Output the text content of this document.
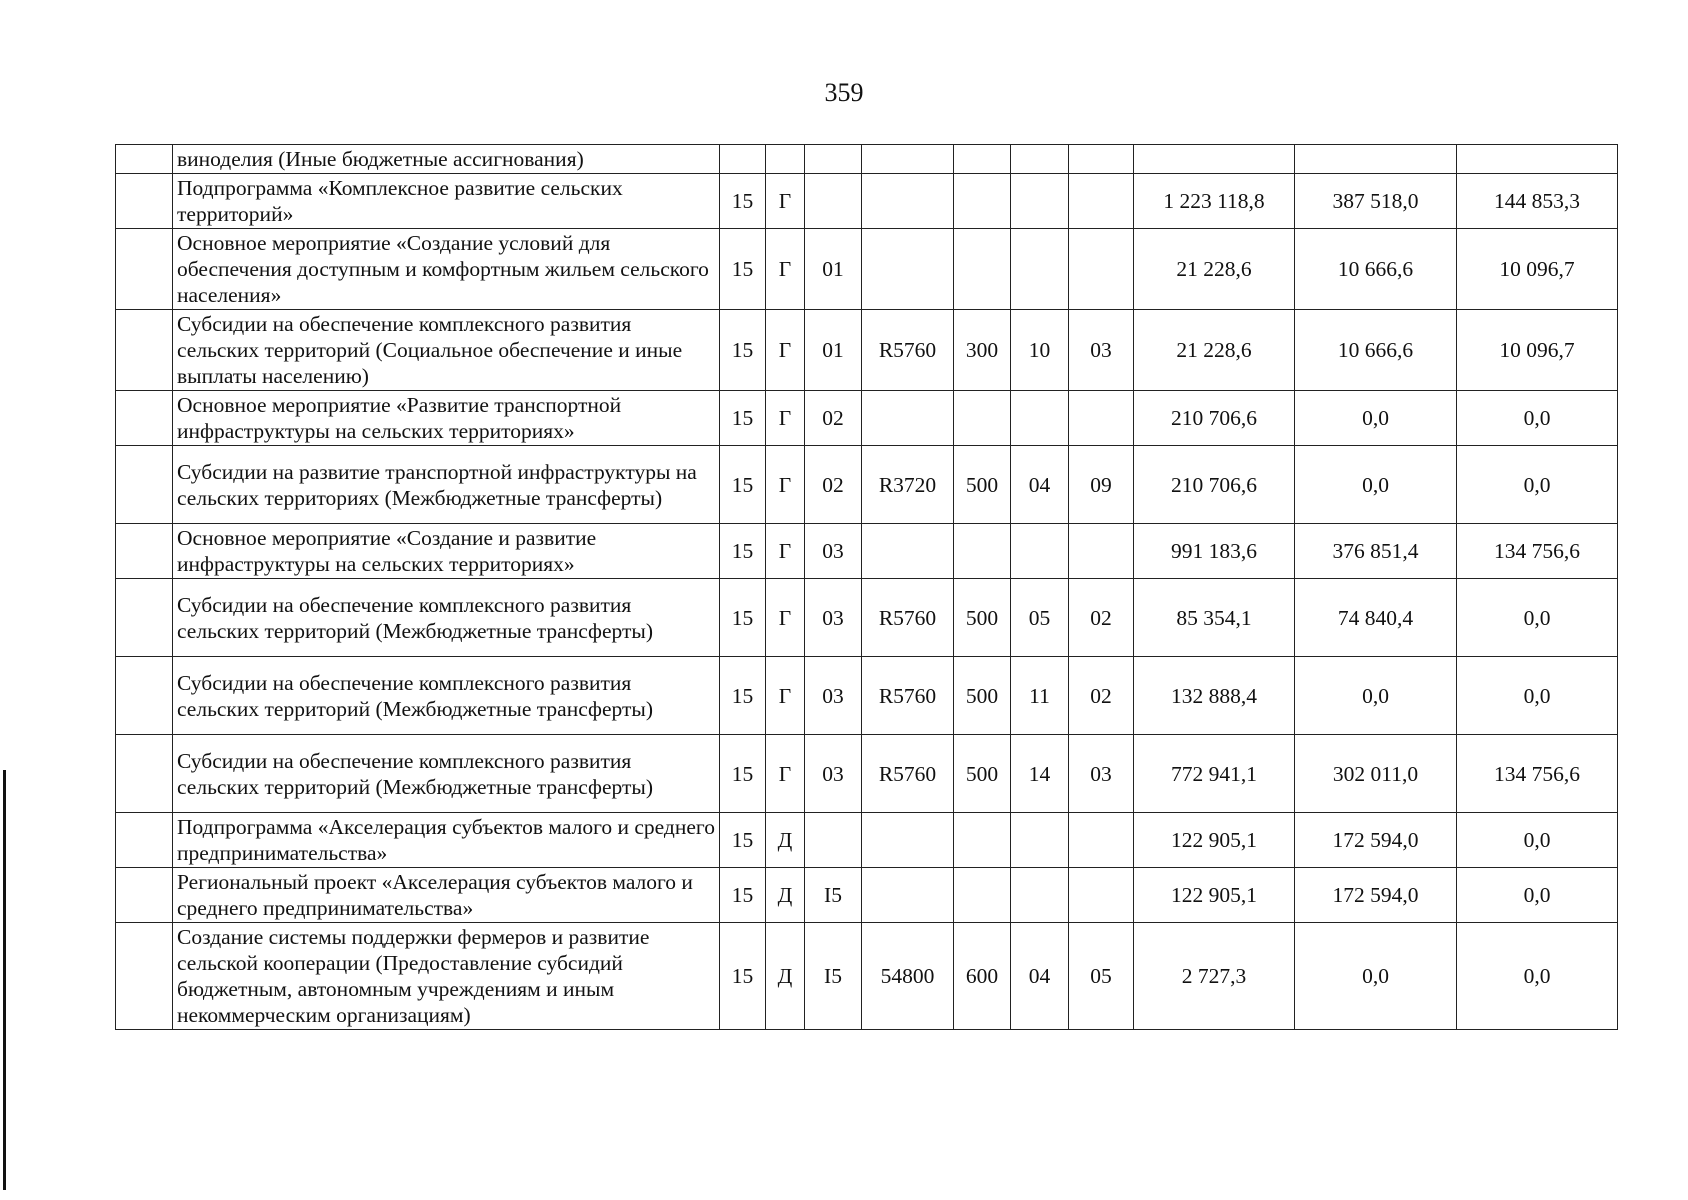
359
	виноделия (Иные бюджетные ассигнования)										
	Подпрограмма «Комплексное развитие сельских территорий»	15	Г						1 223 118,8	387 518,0	144 853,3
	Основное мероприятие «Создание условий для обеспечения доступным и комфортным жильем сельского населения»	15	Г	01					21 228,6	10 666,6	10 096,7
	Субсидии на обеспечение комплексного развития сельских территорий (Социальное обеспечение и иные выплаты населению)	15	Г	01	R5760	300	10	03	21 228,6	10 666,6	10 096,7
	Основное мероприятие «Развитие транспортной инфраструктуры на сельских территориях»	15	Г	02					210 706,6	0,0	0,0
	Субсидии на развитие транспортной инфраструктуры на сельских территориях (Межбюджетные трансферты)	15	Г	02	R3720	500	04	09	210 706,6	0,0	0,0
	Основное мероприятие «Создание и развитие инфраструктуры на сельских территориях»	15	Г	03					991 183,6	376 851,4	134 756,6
	Субсидии на обеспечение комплексного развития сельских территорий (Межбюджетные трансферты)	15	Г	03	R5760	500	05	02	85 354,1	74 840,4	0,0
	Субсидии на обеспечение комплексного развития сельских территорий (Межбюджетные трансферты)	15	Г	03	R5760	500	11	02	132 888,4	0,0	0,0
	Субсидии на обеспечение комплексного развития сельских территорий (Межбюджетные трансферты)	15	Г	03	R5760	500	14	03	772 941,1	302 011,0	134 756,6
	Подпрограмма «Акселерация субъектов малого и среднего предпринимательства»	15	Д						122 905,1	172 594,0	0,0
	Региональный проект «Акселерация субъектов малого и среднего предпринимательства»	15	Д	I5					122 905,1	172 594,0	0,0
	Создание системы поддержки фермеров и развитие сельской кооперации (Предоставление субсидий бюджетным, автономным учреждениям и иным некоммерческим организациям)	15	Д	I5	54800	600	04	05	2 727,3	0,0	0,0
